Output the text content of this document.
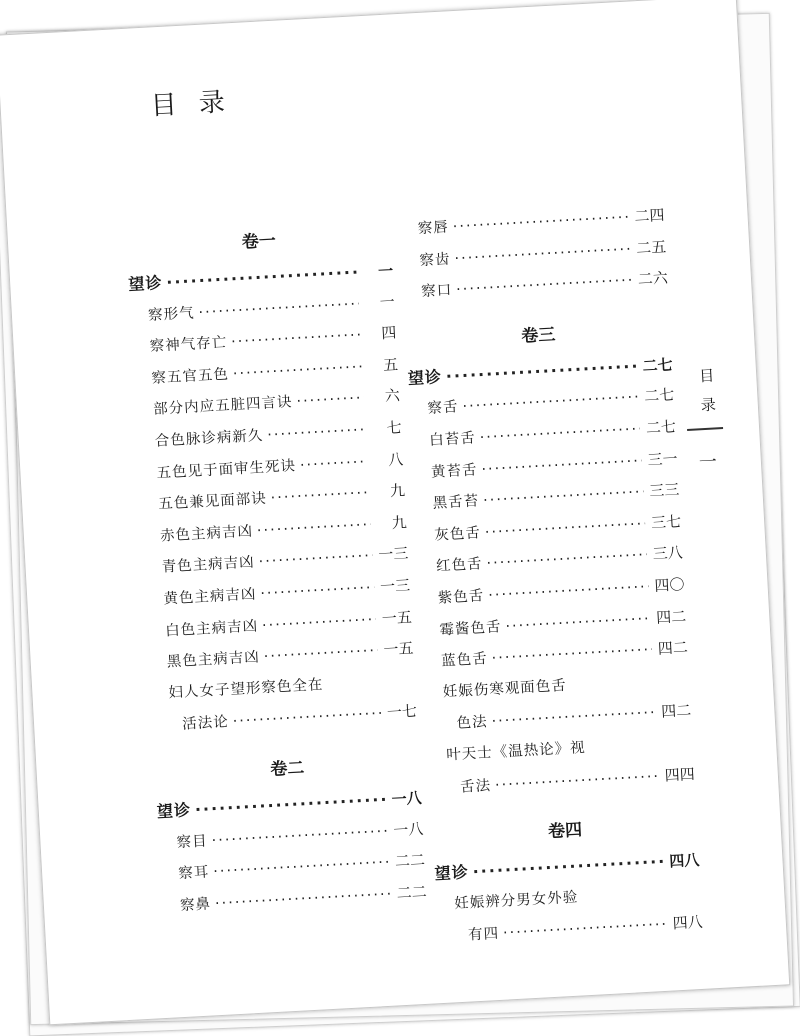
目录
目录
一
卷一
望诊
·····
一
察形气
·····
一
察神气存亡
·····
四
察五官五色
·····
五
部分内应五脏四言诀 ·····	六
合色脉诊病新久
·····
七
五色见于面审生死诀 ·····	八
五色兼见面部诀
·····
九
赤色主病吉凶
·····
九
青色主病吉凶
·····
一三
黄色主病吉凶
·····
一三
白色主病吉凶
·····
一五
黑色主病吉凶
·····
一五
妇人女子望形察色全在
活法论
·····
一七
卷二
望诊
·····
一八
察目
·····
一八
察耳
·····
二二
察鼻
·····
二二
察唇
·····
二四
察齿
·····
二五
察口
·····
二六
卷三
望诊
·····
二七
察舌
·····
二七
白苔舌
·····
二七
黄苔舌
·····
三一
黑舌苔
·····
三三
灰色舌
·····
三七
红色舌
·····
三八
紫色舌
·····
四〇
霉酱色舌
·····
四二
蓝色舌
·····
四二
妊娠伤寒观面色舌
色法
·····
四二
叶天士《温热论》视
舌法
·····
四四
卷四
望诊
·····
四八
妊娠辨分男女外验
有四
·····
四八
